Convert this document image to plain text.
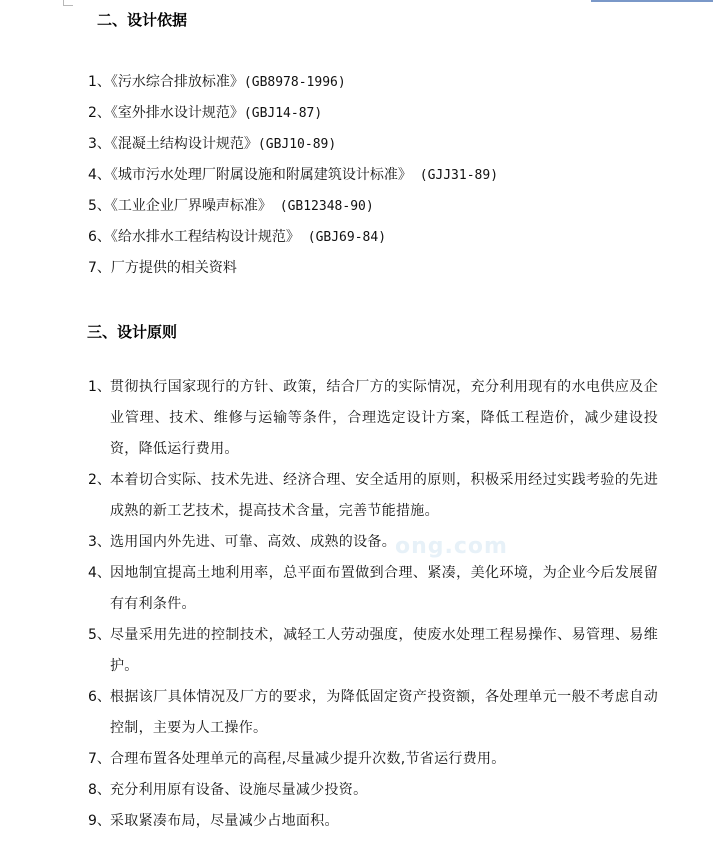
ong.com
二、设计依据
1、《污水综合排放标准》(GB8978-1996)
2、《室外排水设计规范》(GBJ14-87)
3、《混凝土结构设计规范》(GBJ10-89)
4、《城市污水处理厂附属设施和附属建筑设计标准》 (GJJ31-89)
5、《工业企业厂界噪声标准》 (GB12348-90)
6、《给水排水工程结构设计规范》 (GBJ69-84)
7、厂方提供的相关资料
三、设计原则
1、 贯彻执行国家现行的方针、政策，结合厂方的实际情况，充分利用现有的水电供应及企业管理、技术、维修与运输等条件，合理选定设计方案，降低工程造价，减少建设投资，降低运行费用。
2、 本着切合实际、技术先进、经济合理、安全适用的原则，积极采用经过实践考验的先进成熟的新工艺技术，提高技术含量，完善节能措施。
3、 选用国内外先进、可靠、高效、成熟的设备。
4、 因地制宜提高土地利用率，总平面布置做到合理、紧凑，美化环境，为企业今后发展留有有利条件。
5、 尽量采用先进的控制技术，减轻工人劳动强度，使废水处理工程易操作、易管理、易维护。
6、 根据该厂具体情况及厂方的要求，为降低固定资产投资额，各处理单元一般不考虑自动控制，主要为人工操作。
7、 合理布置各处理单元的高程,尽量减少提升次数,节省运行费用。
8、 充分利用原有设备、设施尽量减少投资。
9、 采取紧凑布局，尽量减少占地面积。
